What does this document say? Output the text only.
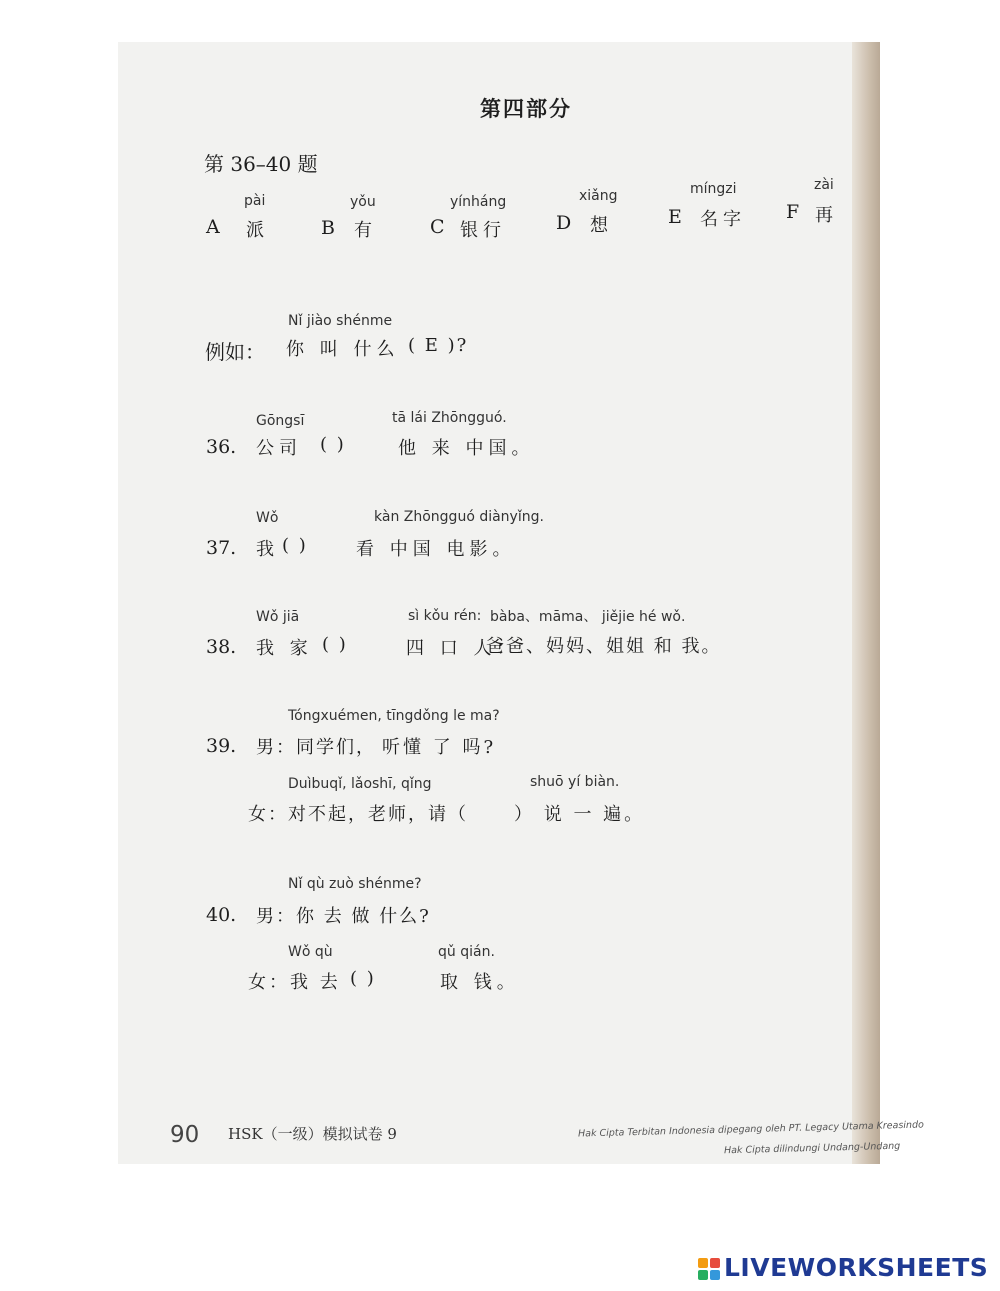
第四部分
第 36–40 题
pài
A 派
yǒu
B 有
yínháng
C 银行
xiǎng
D 想
míngzi
E 名字
zài
F 再
Nǐ jiào shénme
例如： 你 叫 什么 ( E )?
Gōngsī	tā lái Zhōngguó.
36. 公司 ( )	他 来 中国。
Wǒ	kàn Zhōngguó diànyǐng.
37. 我 ( )	看 中国 电影。
Wǒ jiā	sì kǒu rén: bàba、māma、 jiějie hé wǒ.
38. 我 家 ( )	四 口 人：
爸爸、妈妈、姐姐 和 我。
Tóngxuémen, tīngdǒng le ma?
39. 男：同学们， 听懂 了 吗?
Duìbuqǐ, lǎoshī, qǐng	shuō yí biàn.
女：对不起，老师，请（	） 说 一 遍。
Nǐ qù zuò shénme?
40. 男：你 去 做 什么?
Wǒ qù	qǔ qián.
女：我 去 ( )	取 钱。
90 HSK（一级）模拟试卷 9	Hak Cipta Terbitan Indonesia dipegang oleh PT. Legacy Utama Kreasindo
Hak Cipta dilindungi Undang-Undang
LIVEWORKSHEETS
